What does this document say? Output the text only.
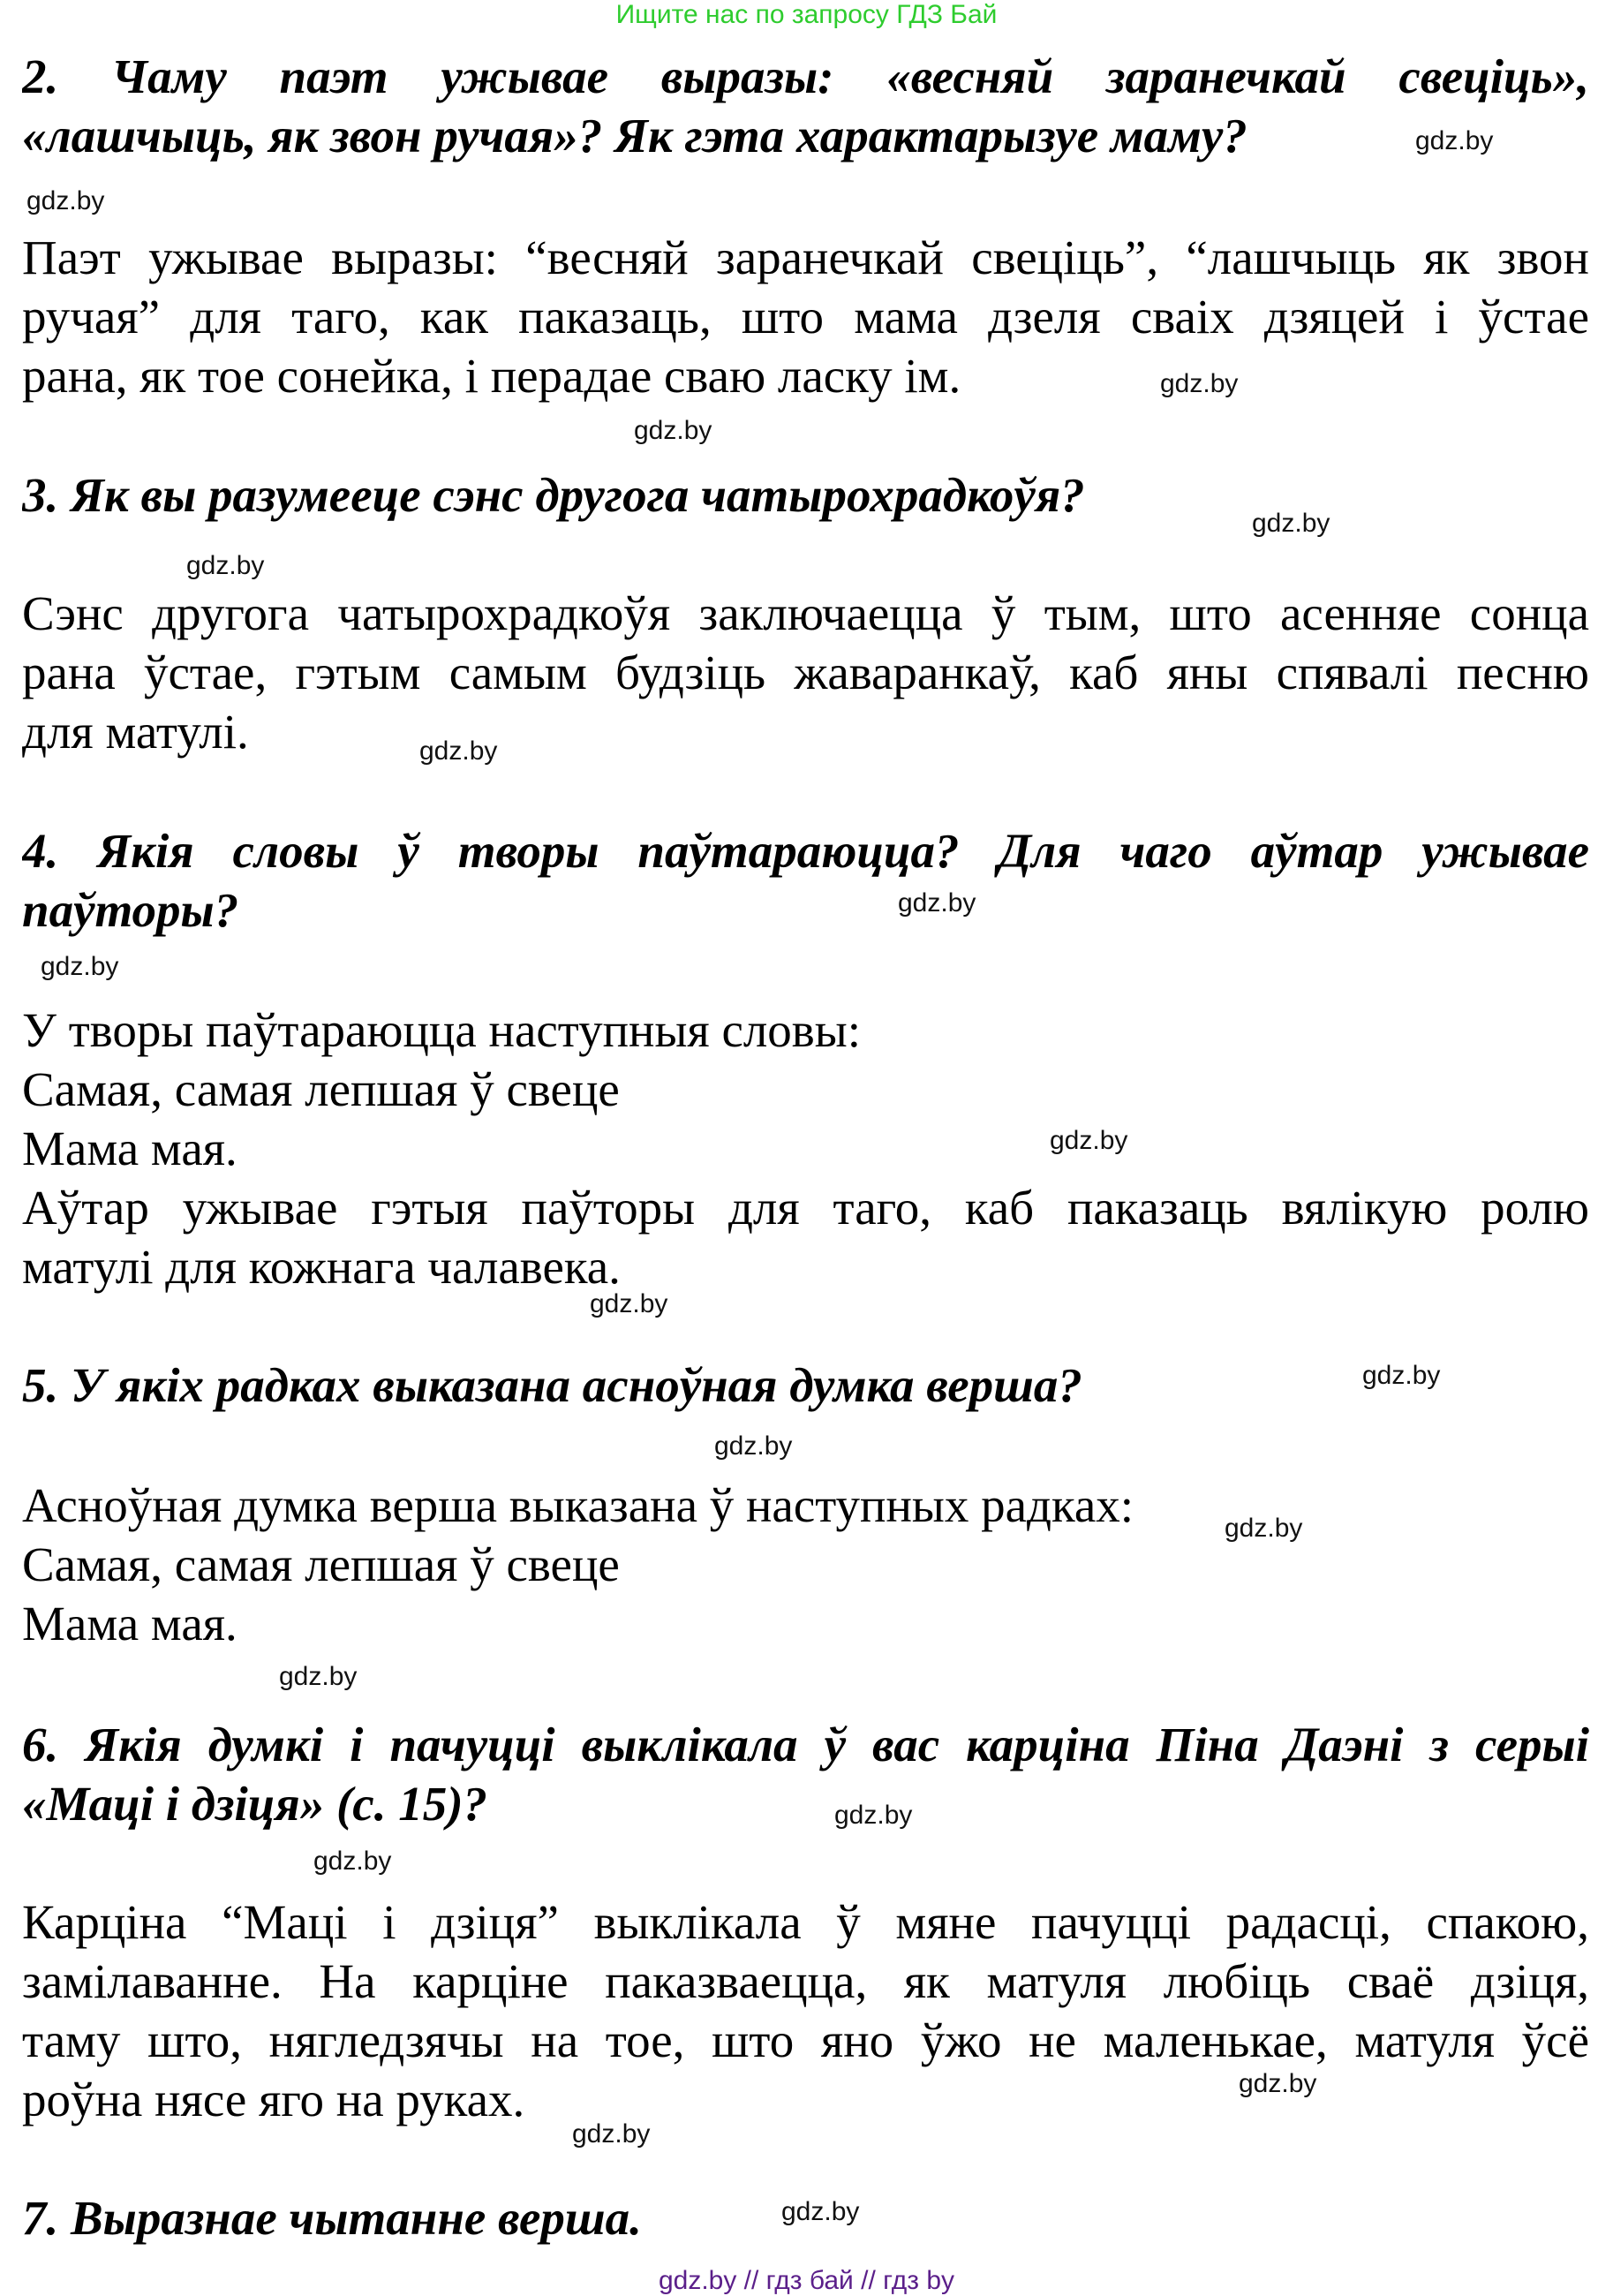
Ищите нас по запросу ГДЗ Бай
2. Чаму паэт ужывае выразы: «весняй заранечкай свеціць»,
«лашчыць, як звон ручая»? Як гэта характарызуе маму?
Паэт ужывае выразы: “весняй заранечкай свеціць”, “лашчыць як звон
ручая” для таго, как паказаць, што мама дзеля сваіх дзяцей і ўстае
рана, як тое сонейка, і перадае сваю ласку ім.
3. Як вы разумееце сэнс другога чатырохрадкоўя?
Сэнс другога чатырохрадкоўя заключаецца ў тым, што асенняе сонца
рана ўстае, гэтым самым будзіць жаваранкаў, каб яны спявалі песню
для матулі.
4. Якія словы ў творы паўтараюцца? Для чаго аўтар ужывае
паўторы?
У творы паўтараюцца наступныя словы:
Самая, самая лепшая ў свеце
Мама мая.
Аўтар ужывае гэтыя паўторы для таго, каб паказаць вялікую ролю
матулі для кожнага чалавека.
5. У якіх радках выказана асноўная думка верша?
Асноўная думка верша выказана ў наступных радках:
Самая, самая лепшая ў свеце
Мама мая.
6. Якія думкі і пачуцці выклікала ў вас карціна Піна Даэні з серыі
«Маці і дзіця» (с. 15)?
Карціна “Маці і дзіця” выклікала ў мяне пачуцці радасці, спакою,
замілаванне. На карціне паказваецца, як матуля любіць сваё дзіця,
таму што, нягледзячы на тое, што яно ўжо не маленькае, матуля ўсё
роўна нясе яго на руках.
7. Выразнае чытанне верша.
gdz.by
gdz.by
gdz.by
gdz.by
gdz.by
gdz.by
gdz.by
gdz.by
gdz.by
gdz.by
gdz.by
gdz.by
gdz.by
gdz.by
gdz.by
gdz.by
gdz.by
gdz.by
gdz.by
gdz.by
gdz.by // гдз бай // гдз by
